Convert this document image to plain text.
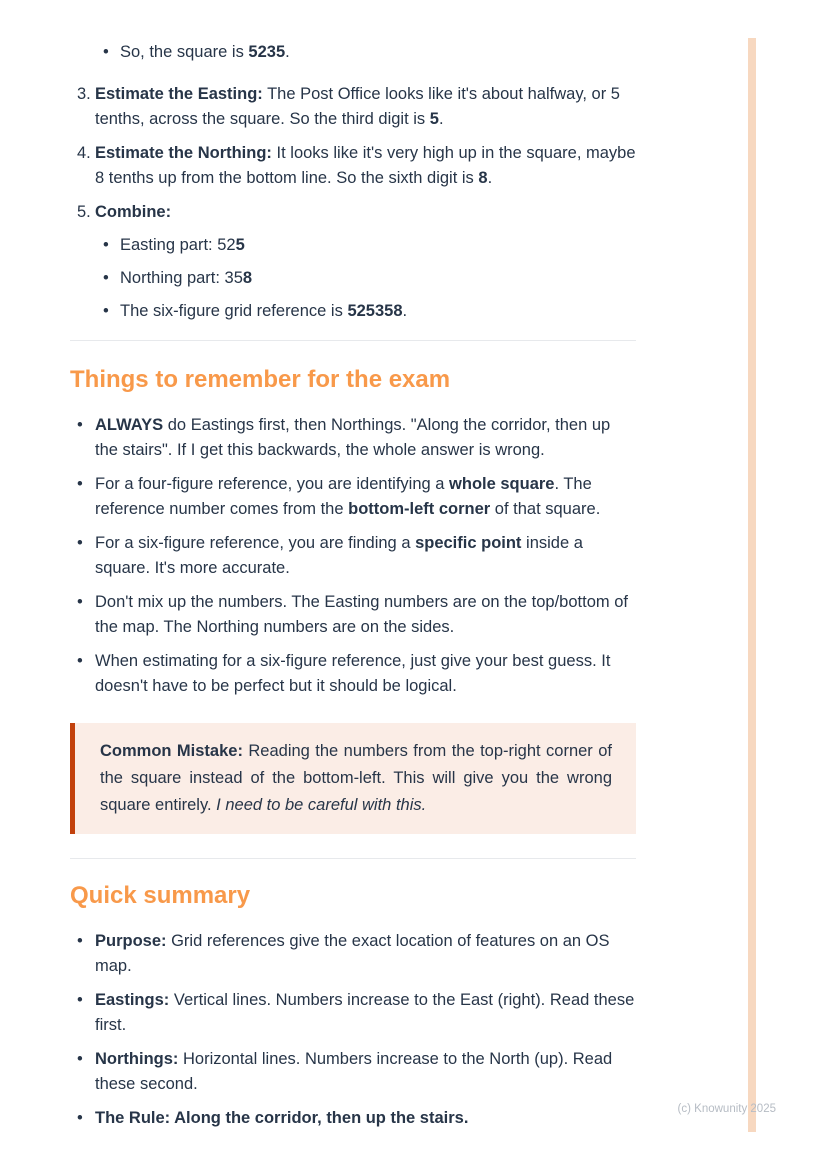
• So, the square is 5235.
3. Estimate the Easting: The Post Office looks like it's about halfway, or 5 tenths, across the square. So the third digit is 5.
4. Estimate the Northing: It looks like it's very high up in the square, maybe 8 tenths up from the bottom line. So the sixth digit is 8.
5. Combine:
• Easting part: 525
• Northing part: 358
• The six-figure grid reference is 525358.
Things to remember for the exam
• ALWAYS do Eastings first, then Northings. "Along the corridor, then up the stairs". If I get this backwards, the whole answer is wrong.
• For a four-figure reference, you are identifying a whole square. The reference number comes from the bottom-left corner of that square.
• For a six-figure reference, you are finding a specific point inside a square. It's more accurate.
• Don't mix up the numbers. The Easting numbers are on the top/bottom of the map. The Northing numbers are on the sides.
• When estimating for a six-figure reference, just give your best guess. It doesn't have to be perfect but it should be logical.

Common Mistake: Reading the numbers from the top-right corner of the square instead of the bottom-left. This will give you the wrong square entirely. I need to be careful with this.

Quick summary
• Purpose: Grid references give the exact location of features on an OS map.
• Eastings: Vertical lines. Numbers increase to the East (right). Read these first.
• Northings: Horizontal lines. Numbers increase to the North (up). Read these second.
• The Rule: Along the corridor, then up the stairs.	(c) Knowunity 2025
